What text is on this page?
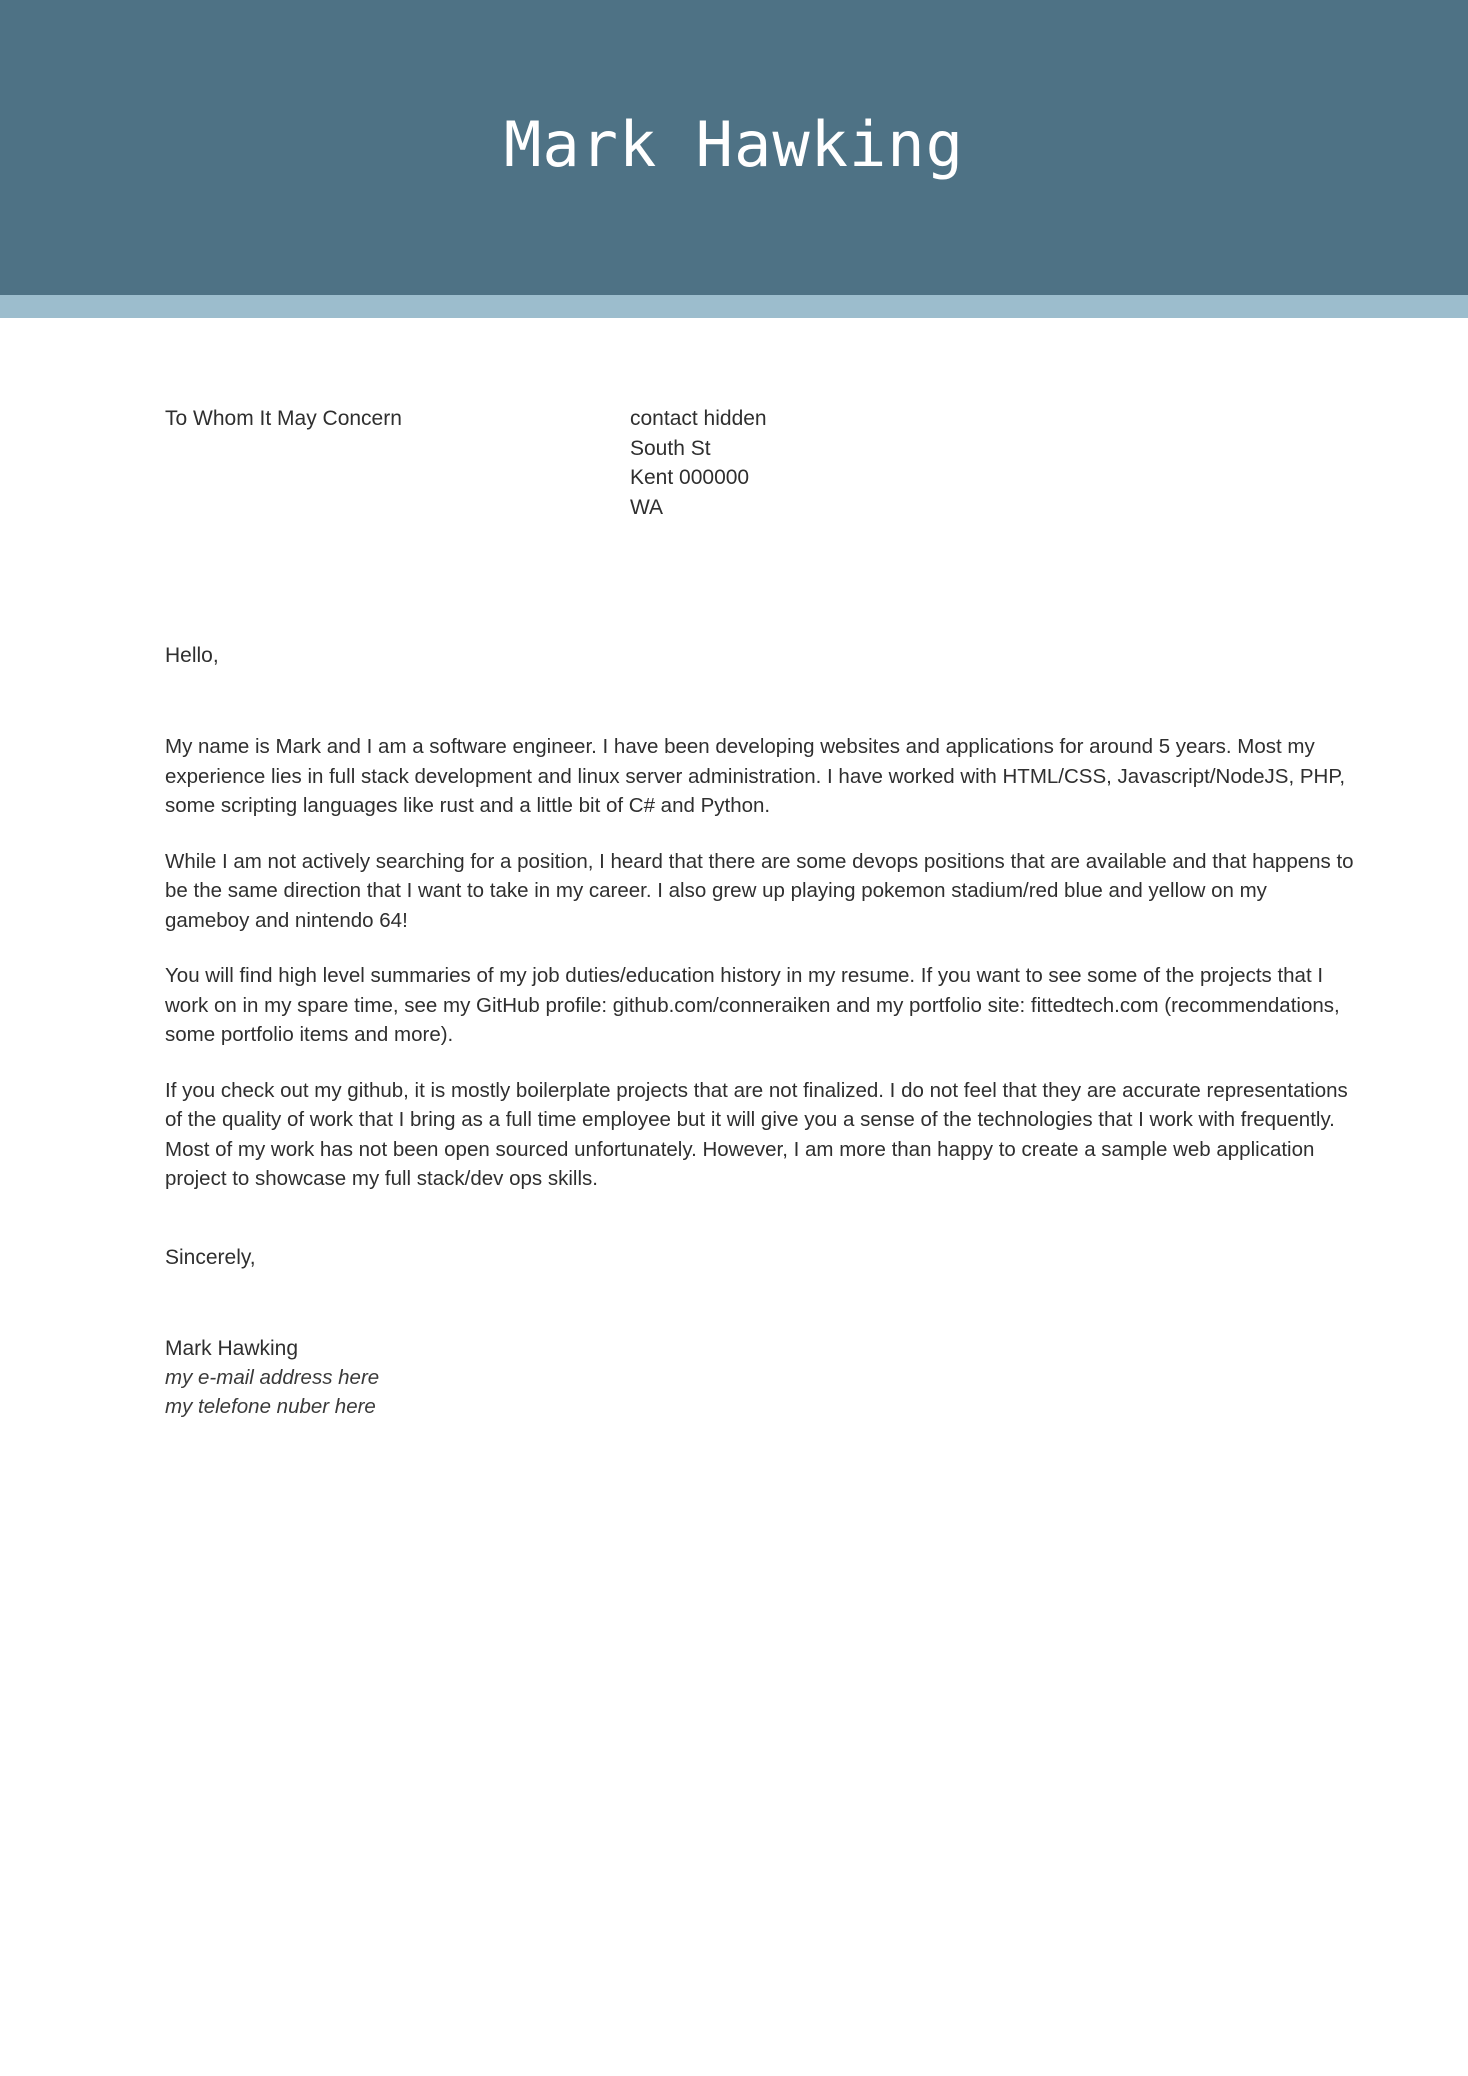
Mark Hawking
To Whom It May Concern	contact hidden
South St
Kent 000000
WA
Hello,

My name is Mark and I am a software engineer. I have been developing websites and applications for around 5 years. Most my experience lies in full stack development and linux server administration. I have worked with HTML/CSS, Javascript/NodeJS, PHP, some scripting languages like rust and a little bit of C# and Python.

While I am not actively searching for a position, I heard that there are some devops positions that are available and that happens to be the same direction that I want to take in my career. I also grew up playing pokemon stadium/red blue and yellow on my gameboy and nintendo 64!

You will find high level summaries of my job duties/education history in my resume. If you want to see some of the projects that I work on in my spare time, see my GitHub profile: github.com/conneraiken and my portfolio site: fittedtech.com (recommendations, some portfolio items and more).

If you check out my github, it is mostly boilerplate projects that are not finalized. I do not feel that they are accurate representations of the quality of work that I bring as a full time employee but it will give you a sense of the technologies that I work with frequently. Most of my work has not been open sourced unfortunately. However, I am more than happy to create a sample web application project to showcase my full stack/dev ops skills.

Sincerely,
Mark Hawking
my e-mail address here
my telefone nuber here
